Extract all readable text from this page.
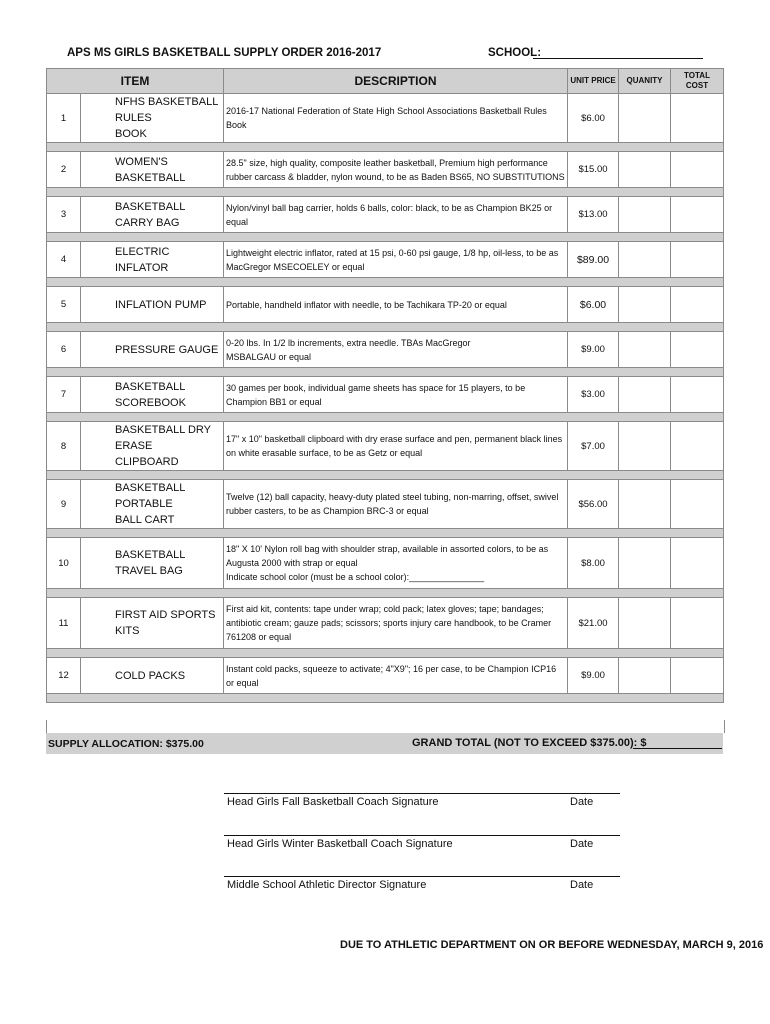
APS MS GIRLS BASKETBALL SUPPLY ORDER 2016-2017	SCHOOL:
ITEM		DESCRIPTION	UNIT PRICE	QUANITY	TOTAL
COST
1	NFHS BASKETBALL RULES
BOOK	2016-17 National Federation of State High School Associations Basketball Rules
Book	$6.00		

2	WOMEN'S BASKETBALL	28.5" size, high quality, composite leather basketball, Premium high performance
rubber carcass & bladder, nylon wound, to be as Baden BS65, NO SUBSTITUTIONS	$15.00		

3	BASKETBALL CARRY BAG	Nylon/vinyl ball bag carrier, holds 6 balls, color: black, to be as Champion BK25 or
equal	$13.00		

4	ELECTRIC INFLATOR	Lightweight electric inflator, rated at 15 psi, 0-60 psi gauge, 1/8 hp, oil-less, to be as
MacGregor MSECOELEY or equal	$89.00		

5	INFLATION PUMP	Portable, handheld inflator with needle, to be Tachikara TP-20 or equal	$6.00		

6	PRESSURE GAUGE	0-20 lbs. In 1/2 lb increments, extra needle. TBAs MacGregor
MSBALGAU or equal	$9.00		

7	BASKETBALL SCOREBOOK	30 games per book, individual game sheets has space for 15 players, to be
Champion BB1 or equal	$3.00		

8	BASKETBALL DRY ERASE
CLIPBOARD	17" x 10" basketball clipboard with dry erase surface and pen, permanent black lines
on white erasable surface, to be as Getz or equal	$7.00		

9	BASKETBALL PORTABLE
BALL CART	Twelve (12) ball capacity, heavy-duty plated steel tubing, non-marring, offset, swivel
rubber casters, to be as Champion BRC-3 or equal	$56.00		

10	BASKETBALL TRAVEL BAG	18" X 10' Nylon roll bag with shoulder strap, available in assorted colors, to be as
Augusta 2000 with strap or equal
Indicate school color (must be a school color):_______________	$8.00		

11	FIRST AID SPORTS KITS	First aid kit, contents: tape under wrap; cold pack; latex gloves; tape; bandages;
antibiotic cream; gauze pads; scissors; sports injury care handbook, to be Cramer
761208 or equal	$21.00		

12	COLD PACKS	Instant cold packs, squeeze to activate; 4"X9"; 16 per case, to be Champion ICP16
or equal	$9.00		

SUPPLY ALLOCATION: $375.00	GRAND TOTAL (NOT TO EXCEED $375.00): $
Head Girls Fall Basketball Coach Signature	Date
Head Girls Winter Basketball Coach Signature	Date
Middle School Athletic Director Signature	Date
DUE TO ATHLETIC DEPARTMENT ON OR BEFORE WEDNESDAY, MARCH 9, 2016
